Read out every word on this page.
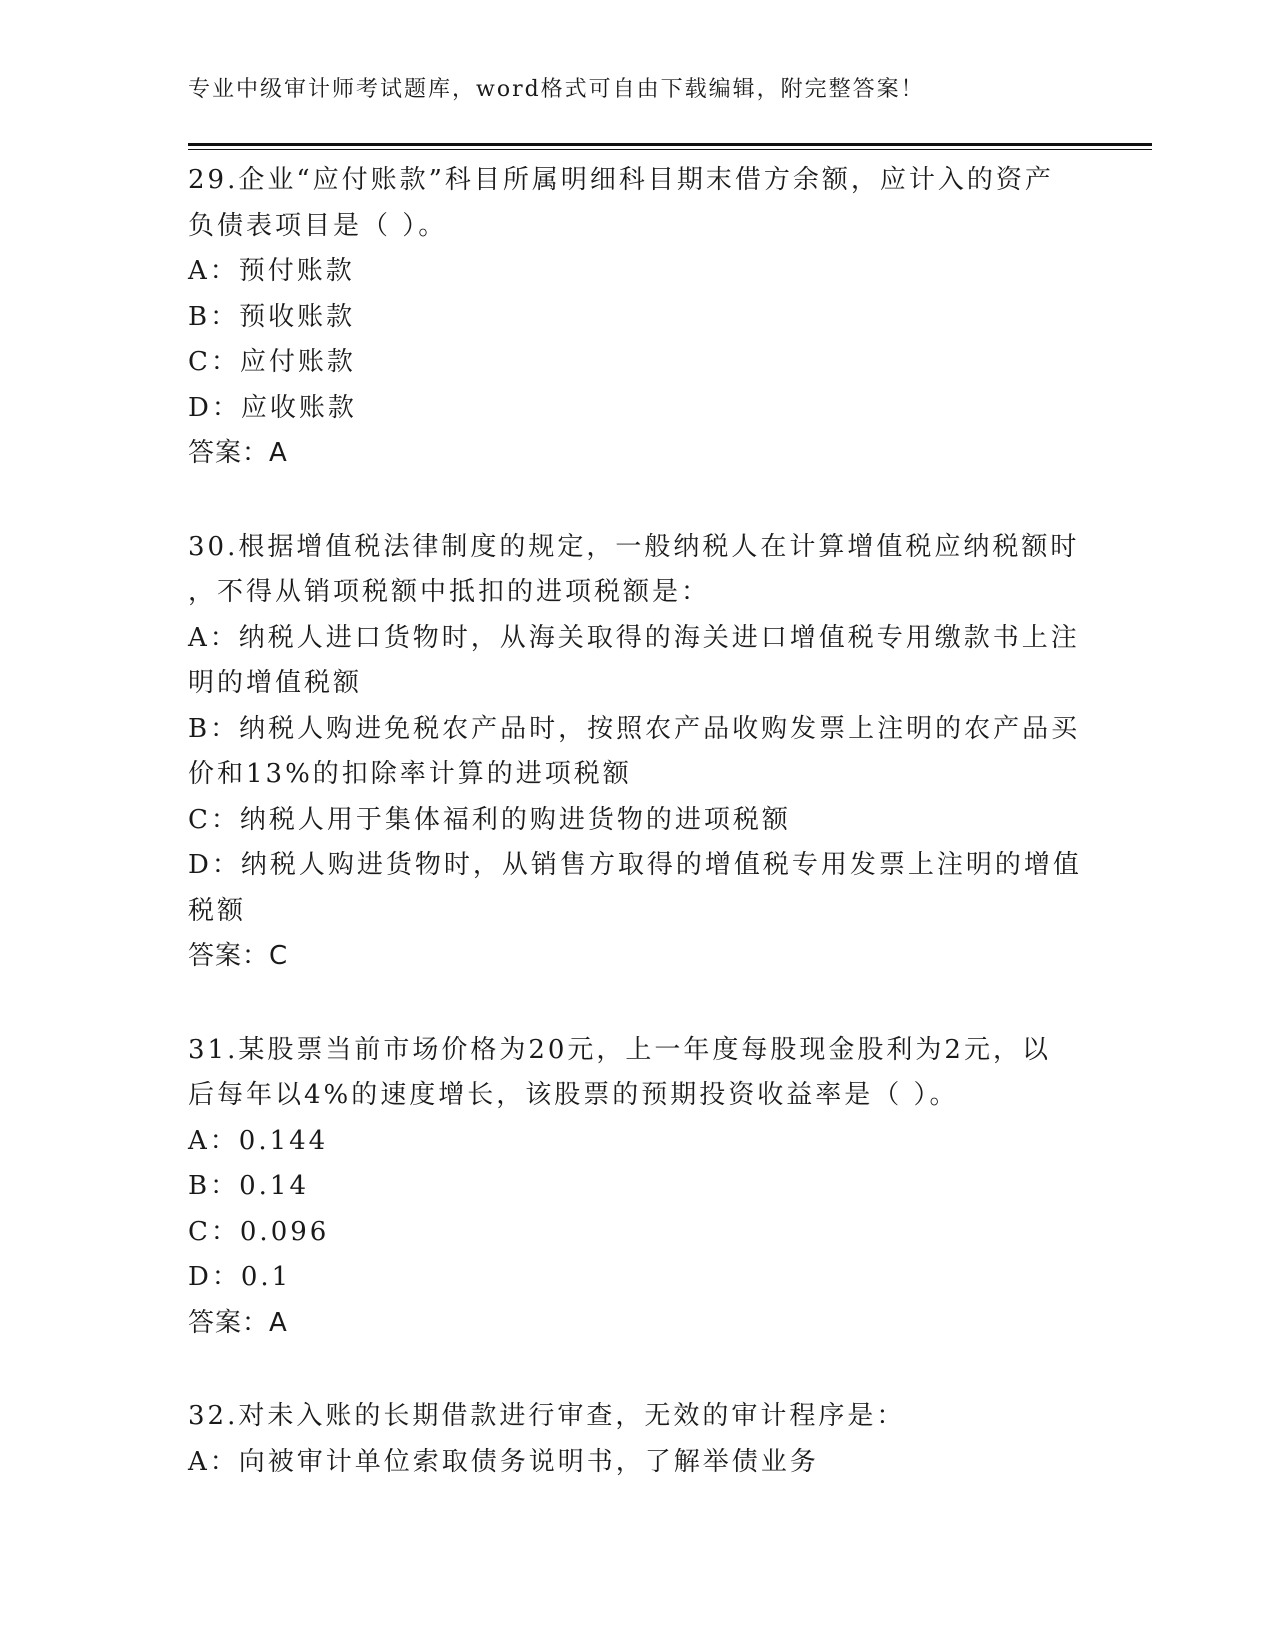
专业中级审计师考试题库，word格式可自由下载编辑，附完整答案！
29.企业“应付账款”科目所属明细科目期末借方余额，应计入的资产
负债表项目是（ ）。
A：预付账款
B：预收账款
C：应付账款
D：应收账款
答案：A
30.根据增值税法律制度的规定，一般纳税人在计算增值税应纳税额时
，不得从销项税额中抵扣的进项税额是：
A：纳税人进口货物时，从海关取得的海关进口增值税专用缴款书上注
明的增值税额
B：纳税人购进免税农产品时，按照农产品收购发票上注明的农产品买
价和13%的扣除率计算的进项税额
C：纳税人用于集体福利的购进货物的进项税额
D：纳税人购进货物时，从销售方取得的增值税专用发票上注明的增值
税额
答案：C
31.某股票当前市场价格为20元，上一年度每股现金股利为2元，以
后每年以4%的速度增长，该股票的预期投资收益率是（ ）。
A：0.144
B：0.14
C：0.096
D：0.1
答案：A
32.对未入账的长期借款进行审查，无效的审计程序是：
A：向被审计单位索取债务说明书，了解举债业务
